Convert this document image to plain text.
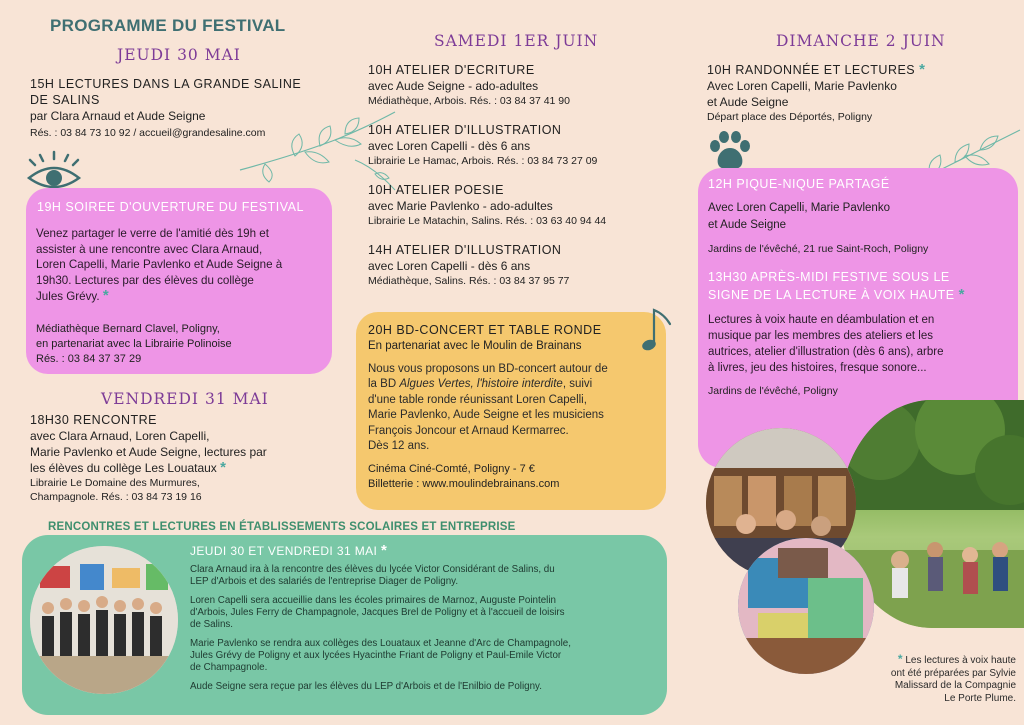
PROGRAMME DU FESTIVAL
JEUDI 30 MAI
15H LECTURES DANS LA GRANDE SALINE
DE SALINS
par Clara Arnaud et Aude Seigne
Rés. : 03 84 73 10 92 / accueil@grandesaline.com
19H SOIREE D'OUVERTURE DU FESTIVAL
Venez partager le verre de l'amitié dès 19h et
assister à une rencontre avec Clara Arnaud,
Loren Capelli, Marie Pavlenko et Aude Seigne à
19h30. Lectures par des élèves du collège
Jules Grévy. *
Médiathèque Bernard Clavel, Poligny,
en partenariat avec la Librairie Polinoise
Rés. : 03 84 37 37 29
VENDREDI 31 MAI
18H30 RENCONTRE
avec Clara Arnaud, Loren Capelli,
Marie Pavlenko et Aude Seigne, lectures par
les élèves du collège Les Louataux *
Librairie Le Domaine des Murmures,
Champagnole. Rés. : 03 84 73 19 16
SAMEDI 1ER JUIN
10H ATELIER D'ECRITURE
avec Aude Seigne - ado-adultes
Médiathèque, Arbois. Rés. : 03 84 37 41 90
10H ATELIER D'ILLUSTRATION
avec Loren Capelli - dès 6 ans
Librairie Le Hamac, Arbois. Rés. : 03 84 73 27 09
10H ATELIER POESIE
avec Marie Pavlenko - ado-adultes
Librairie Le Matachin, Salins. Rés. : 03 63 40 94 44
14H ATELIER D'ILLUSTRATION
avec Loren Capelli - dès 6 ans
Médiathèque, Salins. Rés. : 03 84 37 95 77
20H BD-CONCERT ET TABLE RONDE
En partenariat avec le Moulin de Brainans
Nous vous proposons un BD-concert autour de
la BD Algues Vertes, l'histoire interdite, suivi
d'une table ronde réunissant Loren Capelli,
Marie Pavlenko, Aude Seigne et les musiciens
François Joncour et Arnaud Kermarrec.
Dès 12 ans.
Cinéma Ciné-Comté, Poligny - 7 €
Billetterie : www.moulindebrainans.com
DIMANCHE 2 JUIN
10H RANDONNÉE ET LECTURES *
Avec Loren Capelli, Marie Pavlenko
et Aude Seigne
Départ place des Déportés, Poligny
12H PIQUE-NIQUE PARTAGÉ
Avec Loren Capelli, Marie Pavlenko
et Aude Seigne
Jardins de l'évêché, 21 rue Saint-Roch, Poligny
13H30 APRÈS-MIDI FESTIVE SOUS LE
SIGNE DE LA LECTURE À VOIX HAUTE *
Lectures à voix haute en déambulation et en
musique par les membres des ateliers et les
autrices, atelier d'illustration (dès 6 ans), arbre
à livres, jeu des histoires, fresque sonore...
Jardins de l'évêché, Poligny
* Les lectures à voix haute
ont été préparées par Sylvie
Malissard de la Compagnie
Le Porte Plume.
RENCONTRES ET LECTURES EN ÉTABLISSEMENTS SCOLAIRES ET ENTREPRISE
JEUDI 30 ET VENDREDI 31 MAI *
Clara Arnaud ira à la rencontre des élèves du lycée Victor Considérant de Salins, du
LEP d'Arbois et des salariés de l'entreprise Diager de Poligny.
Loren Capelli sera accueillie dans les écoles primaires de Marnoz, Auguste Pointelin
d'Arbois, Jules Ferry de Champagnole, Jacques Brel de Poligny et à l'accueil de loisirs
de Salins.
Marie Pavlenko se rendra aux collèges des Louataux et Jeanne d'Arc de Champagnole,
Jules Grévy de Poligny et aux lycées Hyacinthe Friant de Poligny et Paul-Emile Victor
de Champagnole.
Aude Seigne sera reçue par les élèves du LEP d'Arbois et de l'Enilbio de Poligny.
